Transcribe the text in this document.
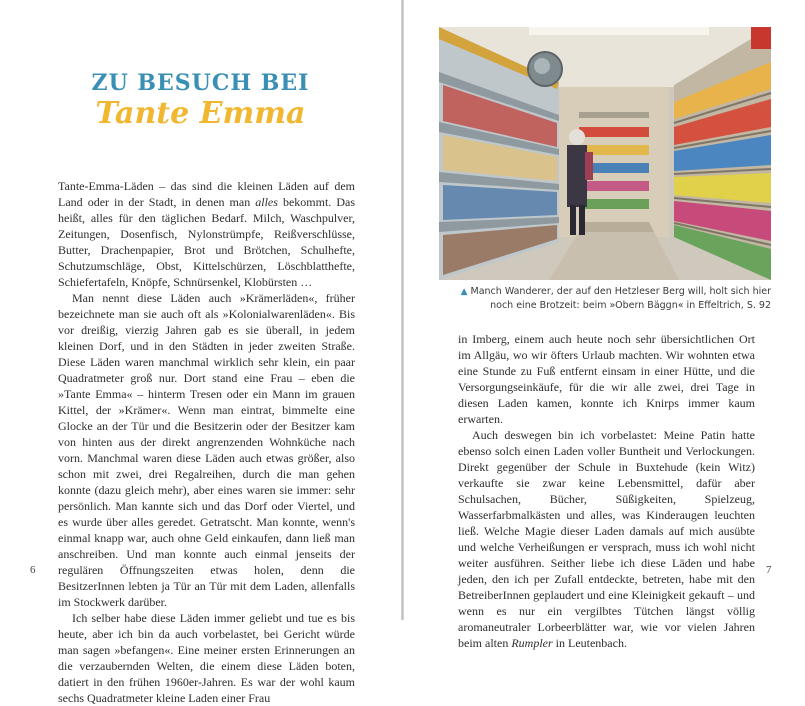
ZU BESUCH BEI
Tante Emma

Tante-Emma-Läden – das sind die kleinen Läden auf dem Land oder in der Stadt, in denen man alles bekommt. Das heißt, alles für den täglichen Bedarf. Milch, Waschpulver, Zeitungen, Dosenfisch, Nylonstrümpfe, Reißverschlüsse, Butter, Drachenpapier, Brot und Brötchen, Schulhefte, Schutzumschläge, Obst, Kittelschürzen, Löschblatthefte, Schiefertafeln, Knöpfe, Schnürsenkel, Klobürsten …

Man nennt diese Läden auch »Krämerläden«, früher bezeichnete man sie auch oft als »Kolonialwarenläden«. Bis vor dreißig, vierzig Jahren gab es sie überall, in jedem kleinen Dorf, und in den Städten in jeder zweiten Straße. Diese Läden waren manchmal wirklich sehr klein, ein paar Quadratmeter groß nur. Dort stand eine Frau – eben die »Tante Emma« – hinterm Tresen oder ein Mann im grauen Kittel, der »Krämer«. Wenn man eintrat, bimmelte eine Glocke an der Tür und die Besitzerin oder der Besitzer kam von hinten aus der direkt angrenzenden Wohnküche nach vorn. Manchmal waren diese Läden auch etwas größer, also schon mit zwei, drei Regalreihen, durch die man gehen konnte (dazu gleich mehr), aber eines waren sie immer: sehr persönlich. Man kannte sich und das Dorf oder Viertel, und es wurde über alles geredet. Getratscht. Man konnte, wenn's einmal knapp war, auch ohne Geld einkaufen, dann ließ man anschreiben. Und man konnte auch einmal jenseits der regulären Öffnungszeiten etwas holen, denn die BesitzerInnen lebten ja Tür an Tür mit dem Laden, allenfalls im Stockwerk darüber.

Ich selber habe diese Läden immer geliebt und tue es bis heute, aber ich bin da auch vorbelastet, bei Gericht würde man sagen »befangen«. Eine meiner ersten Erinnerungen an die verzaubernden Welten, die einem diese Läden boten, datiert in den frühen 1960er-Jahren. Es war der wohl kaum sechs Quadratmeter kleine Laden einer Frau

6
▲ Manch Wanderer, der auf den Hetzleser Berg will, holt sich hier noch eine Brotzeit: beim »Obern Bäggn« in Effeltrich, S. 92

in Imberg, einem auch heute noch sehr übersichtlichen Ort im Allgäu, wo wir öfters Urlaub machten. Wir wohnten etwa eine Stunde zu Fuß entfernt einsam in einer Hütte, und die Versorgungseinkäufe, für die wir alle zwei, drei Tage in diesen Laden kamen, konnte ich Knirps immer kaum erwarten.

Auch deswegen bin ich vorbelastet: Meine Patin hatte ebenso solch einen Laden voller Buntheit und Verlockungen. Direkt gegenüber der Schule in Buxtehude (kein Witz) verkaufte sie zwar keine Lebensmittel, dafür aber Schulsachen, Bücher, Süßigkeiten, Spielzeug, Wasserfarbmalkästen und alles, was Kinderaugen leuchten ließ. Welche Magie dieser Laden damals auf mich ausübte und welche Verheißungen er versprach, muss ich wohl nicht weiter ausführen. Seither liebe ich diese Läden und habe jeden, den ich per Zufall entdeckte, betreten, habe mit den BetreiberInnen geplaudert und eine Kleinigkeit gekauft – und wenn es nur ein vergilbtes Tütchen längst völlig aromaneutraler Lorbeerblätter war, wie vor vielen Jahren beim alten Rumpler in Leutenbach.

7
